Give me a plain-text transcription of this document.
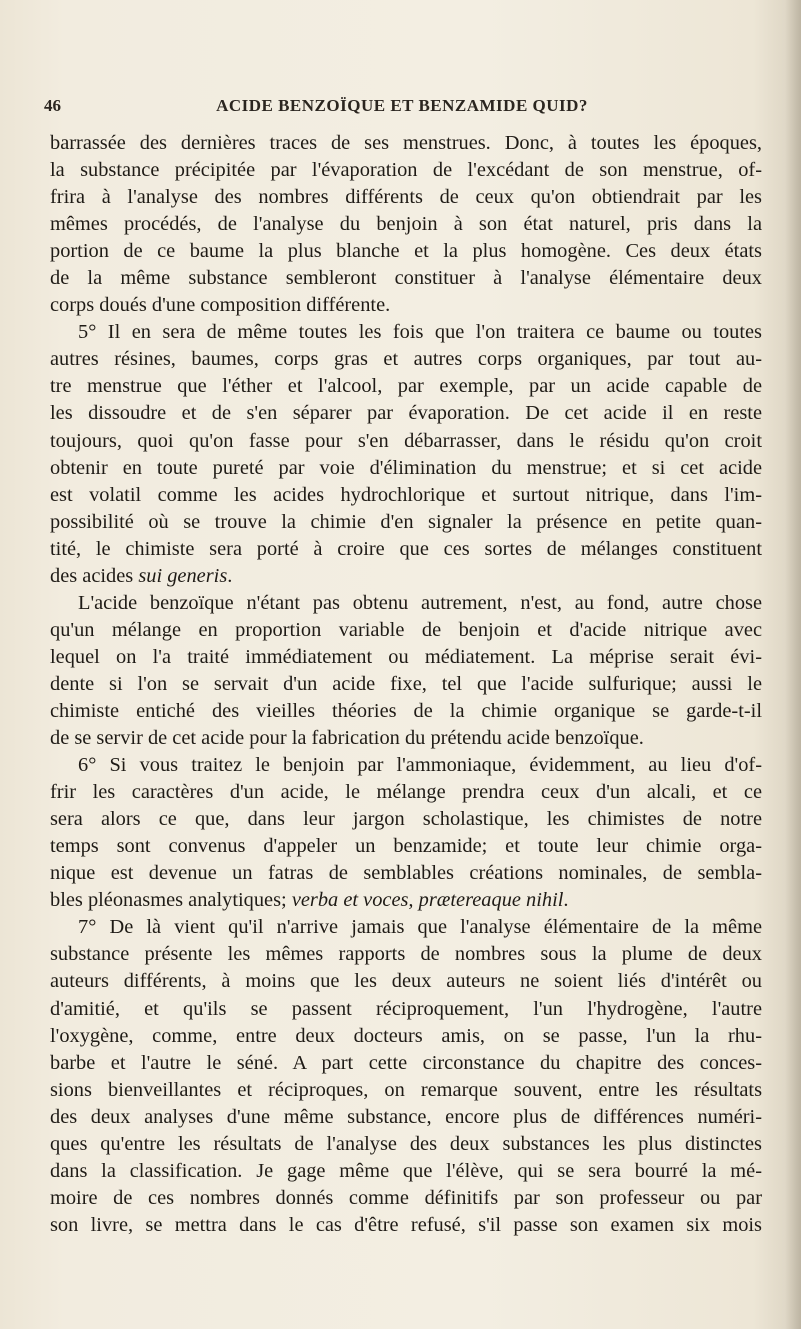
46	ACIDE BENZOÏQUE ET BENZAMIDE QUID?

barrassée des dernières traces de ses menstrues. Donc, à toutes les époques,
la substance précipitée par l'évaporation de l'excédant de son menstrue, of-
frira à l'analyse des nombres différents de ceux qu'on obtiendrait par les
mêmes procédés, de l'analyse du benjoin à son état naturel, pris dans la
portion de ce baume la plus blanche et la plus homogène. Ces deux états
de la même substance sembleront constituer à l'analyse élémentaire deux
corps doués d'une composition différente.

5° Il en sera de même toutes les fois que l'on traitera ce baume ou toutes
autres résines, baumes, corps gras et autres corps organiques, par tout au-
tre menstrue que l'éther et l'alcool, par exemple, par un acide capable de
les dissoudre et de s'en séparer par évaporation. De cet acide il en reste
toujours, quoi qu'on fasse pour s'en débarrasser, dans le résidu qu'on croit
obtenir en toute pureté par voie d'élimination du menstrue; et si cet acide
est volatil comme les acides hydrochlorique et surtout nitrique, dans l'im-
possibilité où se trouve la chimie d'en signaler la présence en petite quan-
tité, le chimiste sera porté à croire que ces sortes de mélanges constituent
des acides sui generis.

L'acide benzoïque n'étant pas obtenu autrement, n'est, au fond, autre chose
qu'un mélange en proportion variable de benjoin et d'acide nitrique avec
lequel on l'a traité immédiatement ou médiatement. La méprise serait évi-
dente si l'on se servait d'un acide fixe, tel que l'acide sulfurique; aussi le
chimiste entiché des vieilles théories de la chimie organique se garde-t-il
de se servir de cet acide pour la fabrication du prétendu acide benzoïque.

6° Si vous traitez le benjoin par l'ammoniaque, évidemment, au lieu d'of-
frir les caractères d'un acide, le mélange prendra ceux d'un alcali, et ce
sera alors ce que, dans leur jargon scholastique, les chimistes de notre
temps sont convenus d'appeler un benzamide; et toute leur chimie orga-
nique est devenue un fatras de semblables créations nominales, de sembla-
bles pléonasmes analytiques; verba et voces, prætereaque nihil.

7° De là vient qu'il n'arrive jamais que l'analyse élémentaire de la même
substance présente les mêmes rapports de nombres sous la plume de deux
auteurs différents, à moins que les deux auteurs ne soient liés d'intérêt ou
d'amitié, et qu'ils se passent réciproquement, l'un l'hydrogène, l'autre
l'oxygène, comme, entre deux docteurs amis, on se passe, l'un la rhu-
barbe et l'autre le séné. A part cette circonstance du chapitre des conces-
sions bienveillantes et réciproques, on remarque souvent, entre les résultats
des deux analyses d'une même substance, encore plus de différences numéri-
ques qu'entre les résultats de l'analyse des deux substances les plus distinctes
dans la classification. Je gage même que l'élève, qui se sera bourré la mé-
moire de ces nombres donnés comme définitifs par son professeur ou par
son livre, se mettra dans le cas d'être refusé, s'il passe son examen six mois
